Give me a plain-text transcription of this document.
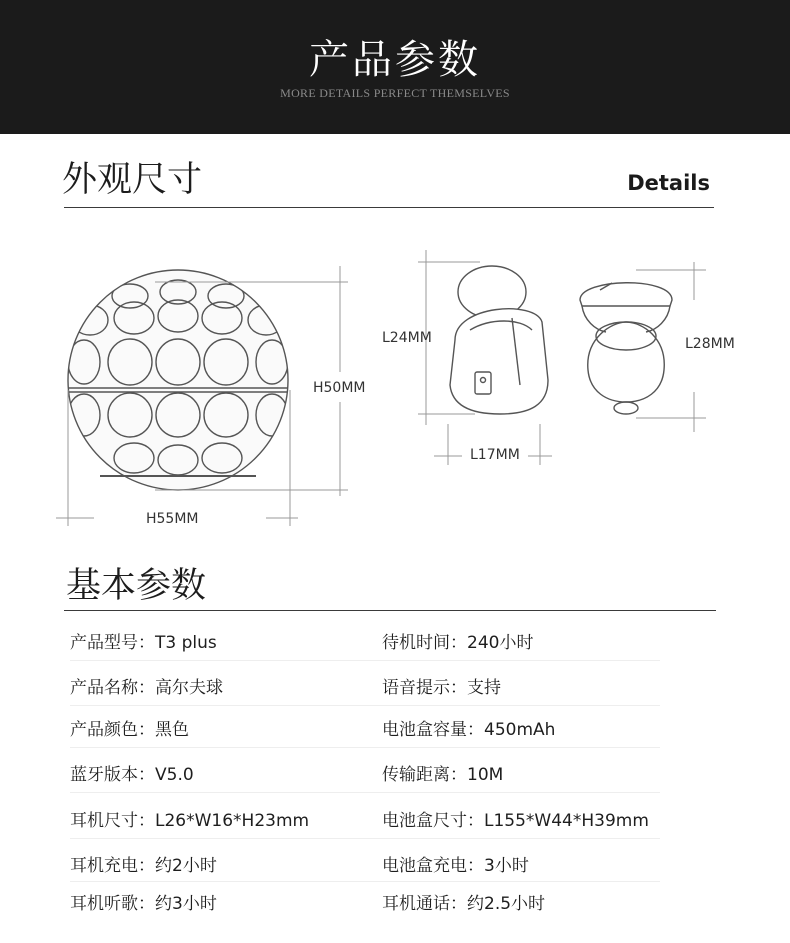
产品参数
MORE DETAILS PERFECT THEMSELVES
外观尺寸	Details
H50MM
H55MM
L24MM
L17MM
L28MM
基本参数
产品型号：T3 plus	待机时间：240小时
产品名称：高尔夫球	语音提示：支持
产品颜色：黑色	电池盒容量：450mAh
蓝牙版本：V5.0	传输距离：10M
耳机尺寸：L26*W16*H23mm	电池盒尺寸：L155*W44*H39mm
耳机充电：约2小时	电池盒充电：3小时
耳机听歌：约3小时	耳机通话：约2.5小时
